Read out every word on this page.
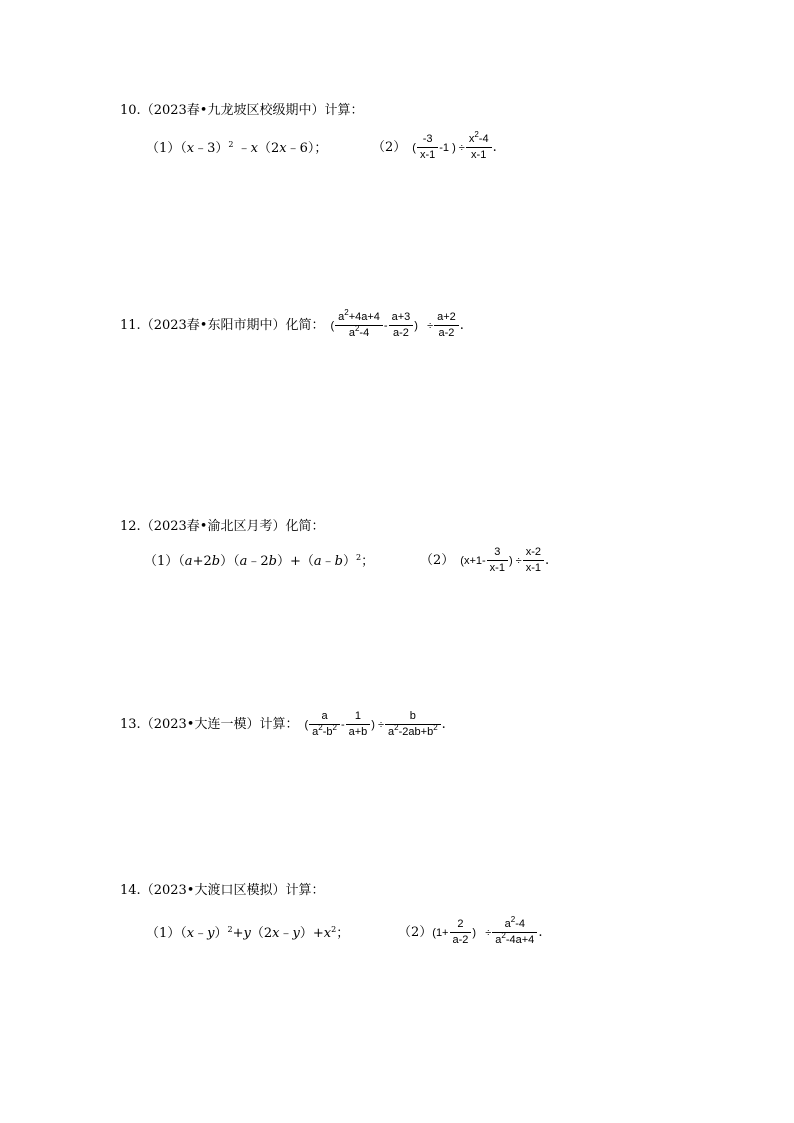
10.（2023春•九龙坡区校级期中）计算：
（1）（x﹣3）$^2$ ﹣x（2x﹣6）；	（2） ( $\frac{-3}{x-1} -1$ ) ÷ $\frac{x^2-4}{x-1}$ .
11. （2023春•东阳市期中）化简： ( $\frac{a^2+4a+4}{a^2-4} - \frac{a+3}{a-2}$ )   ÷ $\frac{a+2}{a-2}$ .
12.（2023春•渝北区月考）化简：
（1）（a+2b）（a﹣2b）+（a﹣b）$^2$；	（2） ($x+1- \frac{3}{x-1}$ ) ÷ $\frac{x-2}{x-1}$ .
13. （2023•大连一模）计算： ( $\frac{a}{a^2-b^2} - \frac{1}{a+b}$ ) ÷ $\frac{b}{a^2-2ab+b^2}$ .
14.（2023•大渡口区模拟）计算：
$(1)(x﹣y)^2+y(2x﹣y)+x^2$；	（2） ($1+ \frac{2}{a-2}$ )   ÷ $\frac{a^2-4}{a^2-4a+4}$ .
